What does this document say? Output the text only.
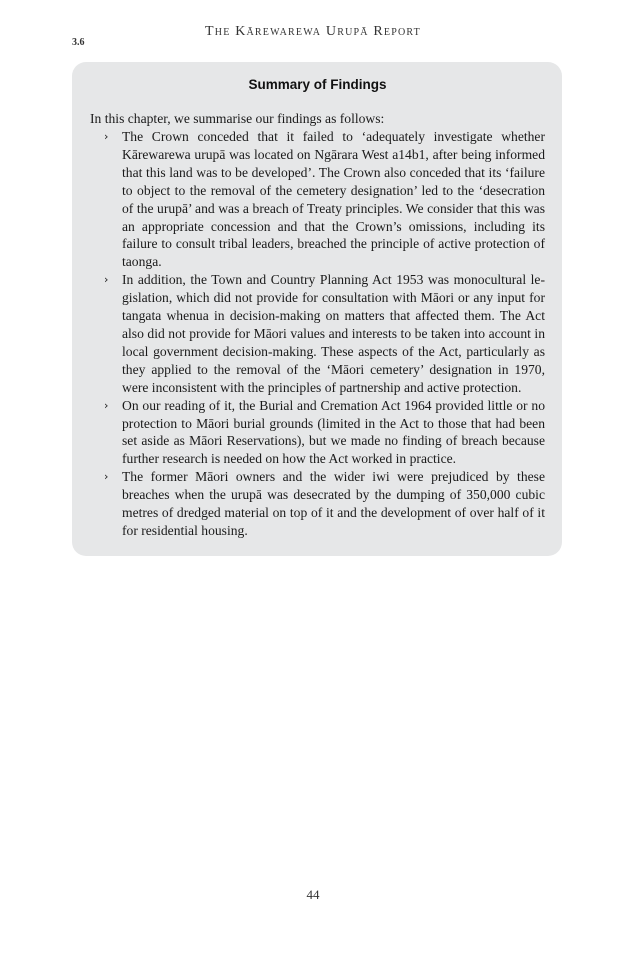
The Kārewarewa Urupā Report
3.6
Summary of Findings

In this chapter, we summarise our findings as follows:

› The Crown conceded that it failed to ‘adequately investigate whether Kārewarewa urupā was located on Ngārara West a14b1, after being informed that this land was to be developed’. The Crown also conceded that its ‘failure to object to the removal of the cemetery designation’ led to the ‘desecration of the urupā’ and was a breach of Treaty principles. We consider that this was an appropriate concession and that the Crown’s omissions, including its failure to consult tribal leaders, breached the principle of active protection of taonga.
› In addition, the Town and Country Planning Act 1953 was monocultural legislation, which did not provide for consultation with Māori or any input for tangata whenua in decision-making on matters that affected them. The Act also did not provide for Māori values and interests to be taken into account in local government decision-making. These aspects of the Act, particularly as they applied to the removal of the ‘Māori cemetery’ designation in 1970, were inconsistent with the principles of partnership and active protection.
› On our reading of it, the Burial and Cremation Act 1964 provided little or no protection to Māori burial grounds (limited in the Act to those that had been set aside as Māori Reservations), but we made no finding of breach because further research is needed on how the Act worked in practice.
› The former Māori owners and the wider iwi were prejudiced by these breaches when the urupā was desecrated by the dumping of 350,000 cubic metres of dredged material on top of it and the development of over half of it for residential housing.
44
